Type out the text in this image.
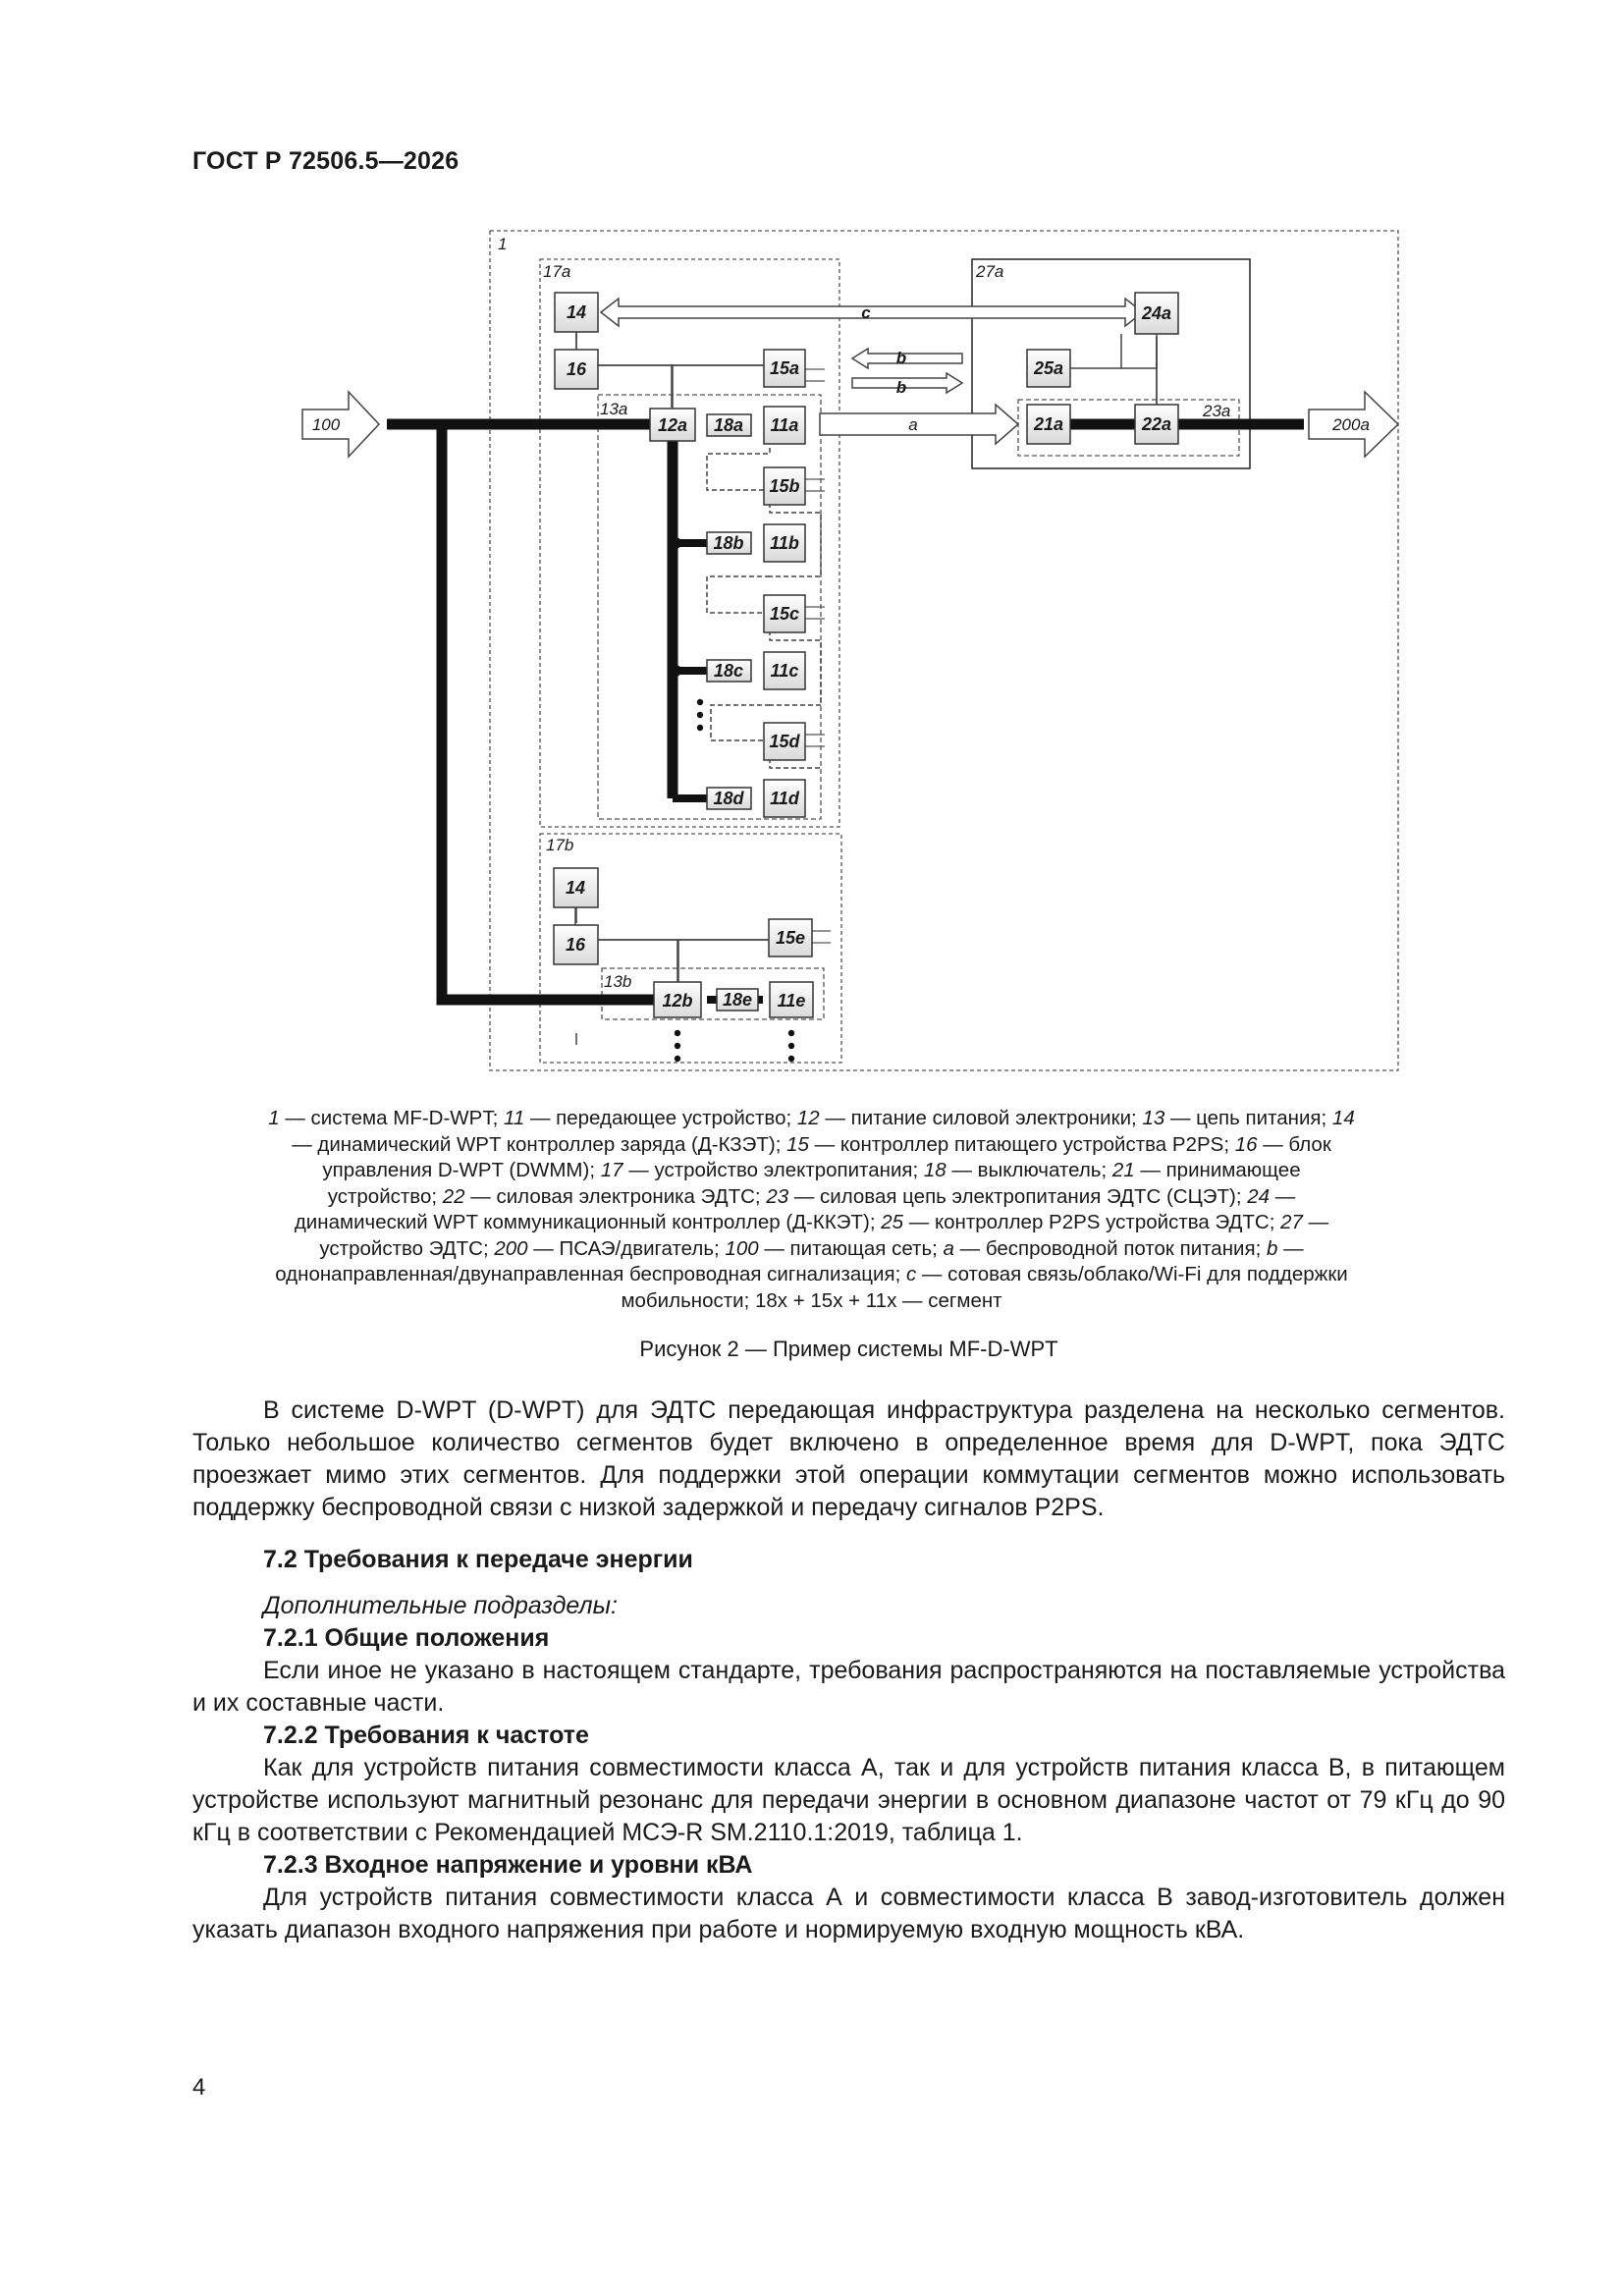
ГОСТ Р 72506.5—2026
1
17a
13a
17b
13b
27a
23a
100	200a
c
b
b
a
14
16	15a
12a 18a 11a
15b
18b 11b
15c
18c 11c
15d
18d 11d
14
16	15e
12b 18e 11e
24a
25a
21a	22a
1 — система MF-D-WPT; 11 — передающее устройство; 12 — питание силовой электроники; 13 — цепь питания; 14 — динамический WPT контроллер заряда (Д-КЗЭТ); 15 — контроллер питающего устройства P2PS; 16 — блок управления D-WPT (DWMM); 17 — устройство электропитания; 18 — выключатель; 21 — принимающее устройство; 22 — силовая электроника ЭДТС; 23 — силовая цепь электропитания ЭДТС (СЦЭТ); 24 — динамический WPT коммуникационный контроллер (Д-ККЭТ); 25 — контроллер P2PS устройства ЭДТС; 27 — устройство ЭДТС; 200 — ПСАЭ/двигатель; 100 — питающая сеть; a — беспроводной поток питания; b — однонаправленная/двунаправленная беспроводная сигнализация; c — сотовая связь/облако/Wi-Fi для поддержки мобильности; 18x + 15x + 11x — сегмент
Рисунок 2 — Пример системы MF-D-WPT

В системе D-WPT (D-WPT) для ЭДТС передающая инфраструктура разделена на несколько сегментов. Только небольшое количество сегментов будет включено в определенное время для D-WPT, пока ЭДТС проезжает мимо этих сегментов. Для поддержки этой операции коммутации сегментов можно использовать поддержку беспроводной связи с низкой задержкой и передачу сигналов P2PS.

7.2 Требования к передаче энергии

Дополнительные подразделы:

7.2.1 Общие положения

Если иное не указано в настоящем стандарте, требования распространяются на поставляемые устройства и их составные части.

7.2.2 Требования к частоте

Как для устройств питания совместимости класса А, так и для устройств питания класса В, в питающем устройстве используют магнитный резонанс для передачи энергии в основном диапазоне частот от 79 кГц до 90 кГц в соответствии с Рекомендацией МСЭ-R SM.2110.1:2019, таблица 1.

7.2.3 Входное напряжение и уровни кВА

Для устройств питания совместимости класса А и совместимости класса В завод-изготовитель должен указать диапазон входного напряжения при работе и нормируемую входную мощность кВА.

4
